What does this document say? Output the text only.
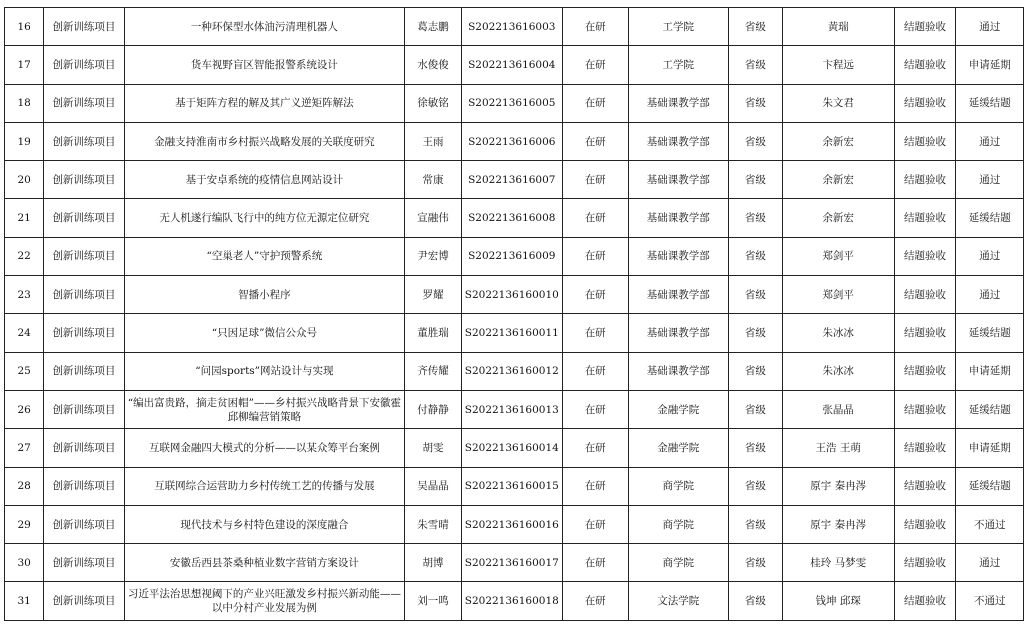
16	创新训练项目	一种环保型水体油污清理机器人	葛志鹏	S202213616003	在研	工学院	省级	黄瑞	结题验收	通过
17	创新训练项目	货车视野盲区智能报警系统设计	水俊俊	S202213616004	在研	工学院	省级	卞程远	结题验收	申请延期
18	创新训练项目	基于矩阵方程的解及其广义逆矩阵解法	徐敏铭	S202213616005	在研	基础课教学部	省级	朱文君	结题验收	延缓结题
19	创新训练项目	金融支持淮南市乡村振兴战略发展的关联度研究	王雨	S202213616006	在研	基础课教学部	省级	余新宏	结题验收	通过
20	创新训练项目	基于安卓系统的疫情信息网站设计	常康	S202213616007	在研	基础课教学部	省级	余新宏	结题验收	通过
21	创新训练项目	无人机遂行编队飞行中的纯方位无源定位研究	宣融伟	S202213616008	在研	基础课教学部	省级	余新宏	结题验收	延缓结题
22	创新训练项目	“空巢老人”守护预警系统	尹宏博	S202213616009	在研	基础课教学部	省级	郑剑平	结题验收	通过
23	创新训练项目	智播小程序	罗耀	S2022136160010	在研	基础课教学部	省级	郑剑平	结题验收	通过
24	创新训练项目	“只因足球”微信公众号	董胜瑞	S2022136160011	在研	基础课教学部	省级	朱冰冰	结题验收	延缓结题
25	创新训练项目	“问园sports”网站设计与实现	齐传耀	S2022136160012	在研	基础课教学部	省级	朱冰冰	结题验收	申请延期
26	创新训练项目	“编出富贵路，摘走贫困帽”——乡村振兴战略背景下安徽霍邱柳编营销策略	付静静	S2022136160013	在研	金融学院	省级	张晶晶	结题验收	延缓结题
27	创新训练项目	互联网金融四大模式的分析——以某众筹平台案例	胡雯	S2022136160014	在研	金融学院	省级	王浩 王萌	结题验收	申请延期
28	创新训练项目	互联网综合运营助力乡村传统工艺的传播与发展	吴晶晶	S2022136160015	在研	商学院	省级	原宇 秦冉涔	结题验收	延缓结题
29	创新训练项目	现代技术与乡村特色建设的深度融合	朱雪晴	S2022136160016	在研	商学院	省级	原宇 秦冉涔	结题验收	不通过
30	创新训练项目	安徽岳西县茶桑种植业数字营销方案设计	胡博	S2022136160017	在研	商学院	省级	桂玲 马梦雯	结题验收	通过
31	创新训练项目	习近平法治思想视阈下的产业兴旺激发乡村振兴新动能——以中分村产业发展为例	刘一鸣	S2022136160018	在研	文法学院	省级	钱坤 邱琛	结题验收	不通过
